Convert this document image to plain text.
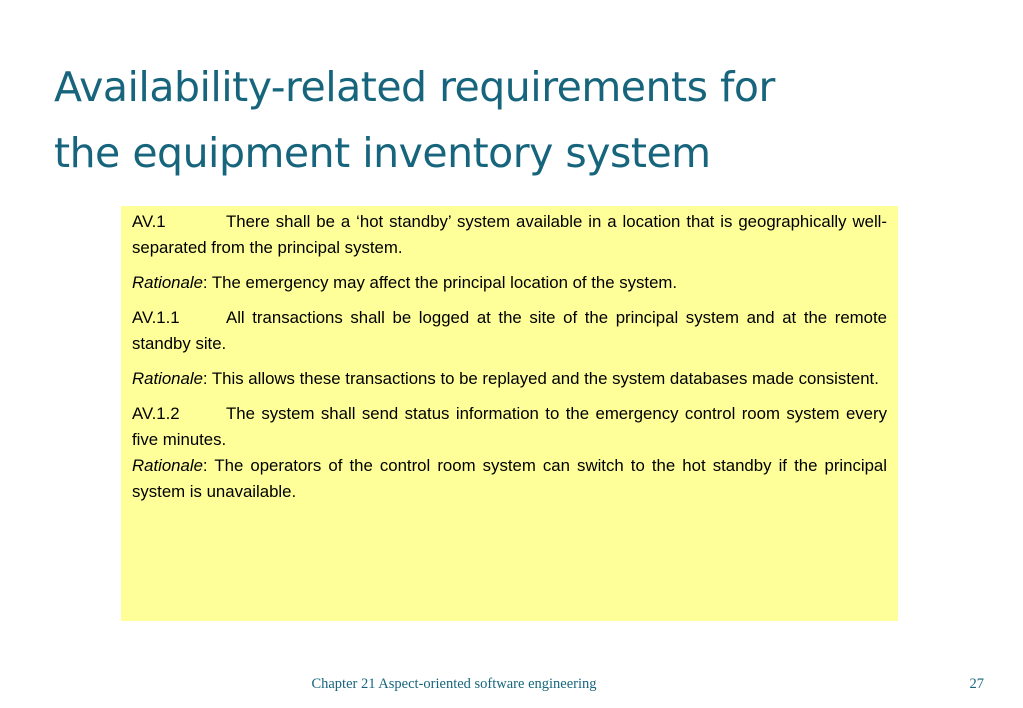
Availability-related requirements for
the equipment inventory system

AV.1	There shall be a ‘hot standby’ system available in a location that is geographically well-separated from the principal system.

Rationale: The emergency may affect the principal location of the system.

AV.1.1	All transactions shall be logged at the site of the principal system and at the remote standby site.

Rationale: This allows these transactions to be replayed and the system databases made consistent.

AV.1.2	The system shall send status information to the emergency control room system every five minutes.

Rationale: The operators of the control room system can switch to the hot standby if the principal system is unavailable.

Chapter 21 Aspect-oriented software engineering	27
